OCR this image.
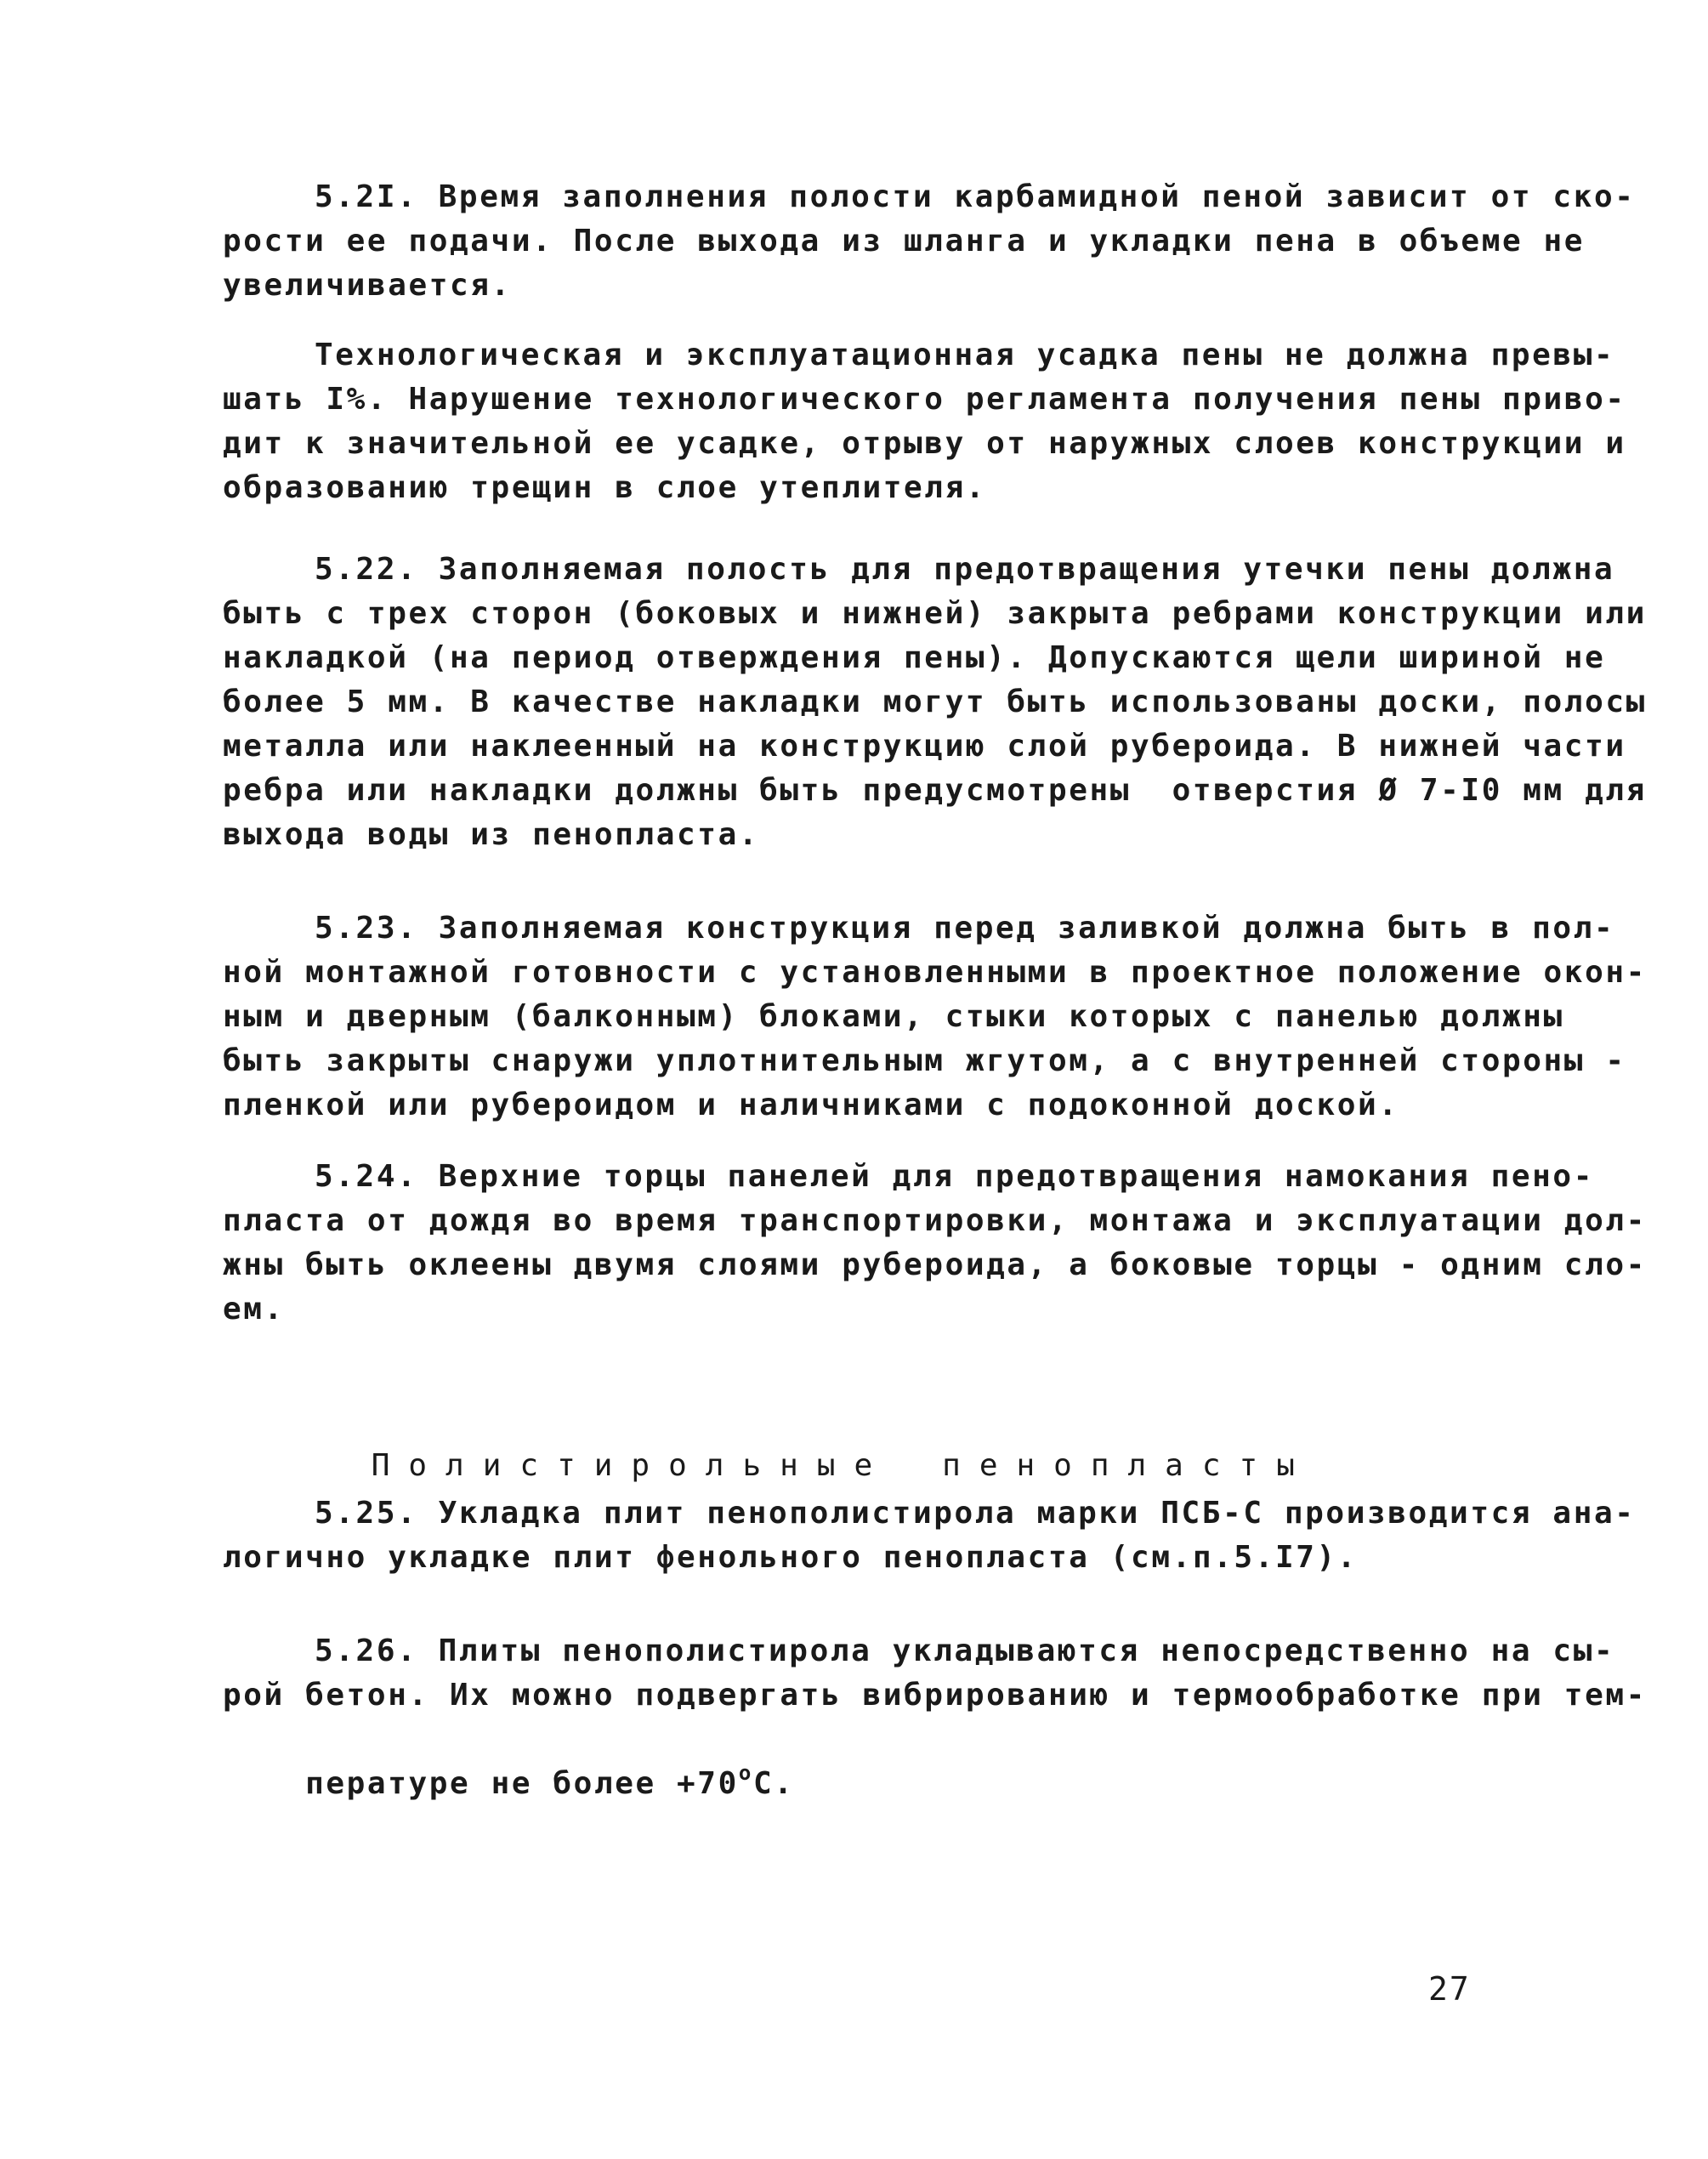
5.2I. Время заполнения полости карбамидной пеной зависит от ско-
рости ее подачи. После выхода из шланга и укладки пена в объеме не
увеличивается.
Технологическая и эксплуатационная усадка пены не должна превы-
шать I%. Нарушение технологического регламента получения пены приво-
дит к значительной ее усадке, отрыву от наружных слоев конструкции и
образованию трещин в слое утеплителя.
5.22. Заполняемая полость для предотвращения утечки пены должна
быть с трех сторон (боковых и нижней) закрыта ребрами конструкции или
накладкой (на период отверждения пены). Допускаются щели шириной не
более 5 мм. В качестве накладки могут быть использованы доски, полосы
металла или наклеенный на конструкцию слой рубероида. В нижней части
ребра или накладки должны быть предусмотрены  отверстия Ø 7-I0 мм для
выхода воды из пенопласта.
5.23. Заполняемая конструкция перед заливкой должна быть в пол-
ной монтажной готовности с установленными в проектное положение окон-
ным и дверным (балконным) блоками, стыки которых с панелью должны
быть закрыты снаружи уплотнительным жгутом, а с внутренней стороны -
пленкой или рубероидом и наличниками с подоконной доской.
5.24. Верхние торцы панелей для предотвращения намокания пено-
пласта от дождя во время транспортировки, монтажа и эксплуатации дол-
жны быть оклеены двумя слоями рубероида, а боковые торцы - одним сло-
ем.

Полистирольные пенопласты

5.25. Укладка плит пенополистирола марки ПСБ-С производится ана-
логично укладке плит фенольного пенопласта (см.п.5.I7).
5.26. Плиты пенополистирола укладываются непосредственно на сы-
рой бетон. Их можно подвергать вибрированию и термообработке при тем-

пературе не более $+70^oС$.

27
